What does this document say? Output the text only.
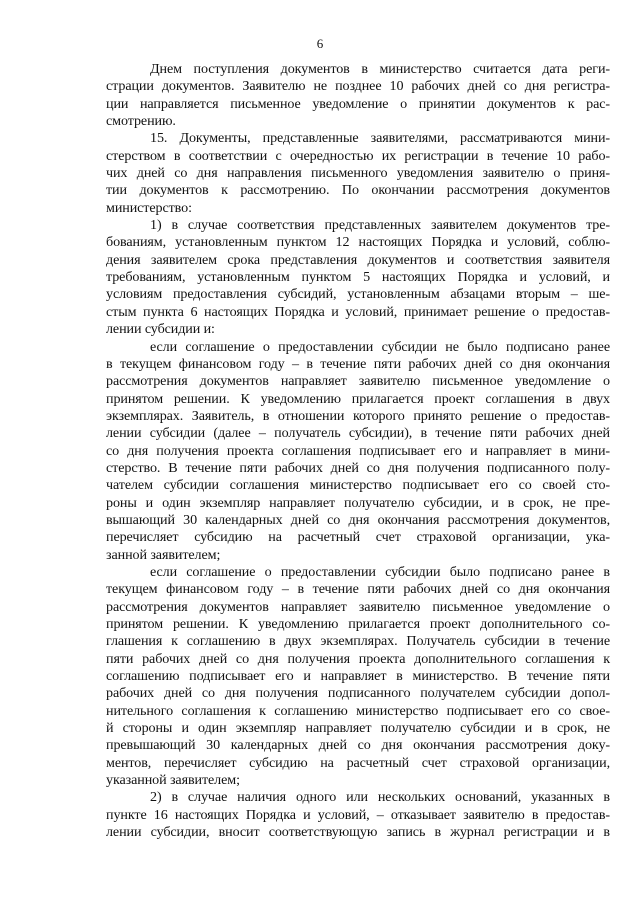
6
Днем поступления документов в министерство считается дата реги-
страции документов. Заявителю не позднее 10 рабочих дней со дня регистра-
ции направляется письменное уведомление о принятии документов к рас-
смотрению.
15. Документы, представленные заявителями, рассматриваются мини-
стерством в соответствии с очередностью их регистрации в течение 10 рабо-
чих дней со дня направления письменного уведомления заявителю о приня-
тии документов к рассмотрению. По окончании рассмотрения документов
министерство:
1) в случае соответствия представленных заявителем документов тре-
бованиям, установленным пунктом 12 настоящих Порядка и условий, соблю-
дения заявителем срока представления документов и соответствия заявителя
требованиям, установленным пунктом 5 настоящих Порядка и условий, и
условиям предоставления субсидий, установленным абзацами вторым – ше-
стым пункта 6 настоящих Порядка и условий, принимает решение о предостав-
лении субсидии и:
если соглашение о предоставлении субсидии не было подписано ранее
в текущем финансовом году – в течение пяти рабочих дней со дня окончания
рассмотрения документов направляет заявителю письменное уведомление о
принятом решении. К уведомлению прилагается проект соглашения в двух
экземплярах. Заявитель, в отношении которого принято решение о предостав-
лении субсидии (далее – получатель субсидии), в течение пяти рабочих дней
со дня получения проекта соглашения подписывает его и направляет в мини-
стерство. В течение пяти рабочих дней со дня получения подписанного полу-
чателем субсидии соглашения министерство подписывает его со своей сто-
роны и один экземпляр направляет получателю субсидии, и в срок, не пре-
вышающий 30 календарных дней со дня окончания рассмотрения документов,
перечисляет субсидию на расчетный счет страховой организации, ука-
занной заявителем;
если соглашение о предоставлении субсидии было подписано ранее в
текущем финансовом году – в течение пяти рабочих дней со дня окончания
рассмотрения документов направляет заявителю письменное уведомление о
принятом решении. К уведомлению прилагается проект дополнительного со-
глашения к соглашению в двух экземплярах. Получатель субсидии в течение
пяти рабочих дней со дня получения проекта дополнительного соглашения к
соглашению подписывает его и направляет в министерство. В течение пяти
рабочих дней со дня получения подписанного получателем субсидии допол-
нительного соглашения к соглашению министерство подписывает его со свое-
й стороны и один экземпляр направляет получателю субсидии и в срок, не
превышающий 30 календарных дней со дня окончания рассмотрения доку-
ментов, перечисляет субсидию на расчетный счет страховой организации,
указанной заявителем;
2) в случае наличия одного или нескольких оснований, указанных в
пункте 16 настоящих Порядка и условий, – отказывает заявителю в предостав-
лении субсидии, вносит соответствующую запись в журнал регистрации и в
